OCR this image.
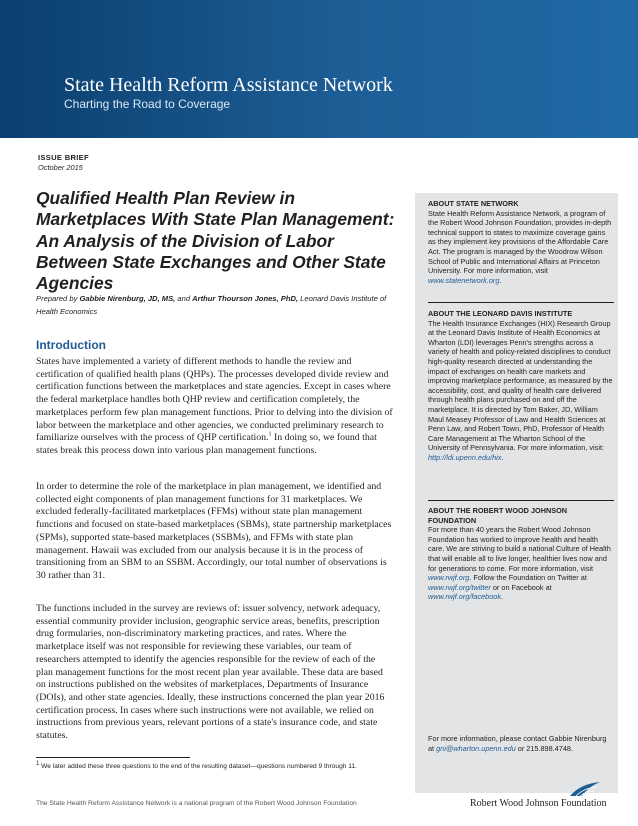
State Health Reform Assistance Network
Charting the Road to Coverage
ISSUE BRIEF
October 2015
Qualified Health Plan Review in Marketplaces With State Plan Management: An Analysis of the Division of Labor Between State Exchanges and Other State Agencies
Prepared by Gabbie Nirenburg, JD, MS, and Arthur Thourson Jones, PhD, Leonard Davis Institute of Health Economics
Introduction
States have implemented a variety of different methods to handle the review and certification of qualified health plans (QHPs). The processes developed divide review and certification functions between the marketplaces and state agencies. Except in cases where the federal marketplace handles both QHP review and certification completely, the marketplaces perform few plan management functions. Prior to delving into the division of labor between the marketplace and other agencies, we conducted preliminary research to familiarize ourselves with the process of QHP certification.$^1$ In doing so, we found that states break this process down into various plan management functions.
In order to determine the role of the marketplace in plan management, we identified and collected eight components of plan management functions for 31 marketplaces. We excluded federally-facilitated marketplaces (FFMs) without state plan management functions and focused on state-based marketplaces (SBMs), state partnership marketplaces (SPMs), supported state-based marketplaces (SSBMs), and FFMs with state plan management. Hawaii was excluded from our analysis because it is in the process of transitioning from an SBM to an SSBM. Accordingly, our total number of observations is 30 rather than 31.
The functions included in the survey are reviews of: issuer solvency, network adequacy, essential community provider inclusion, geographic service areas, benefits, prescription drug formularies, non-discriminatory marketing practices, and rates. Where the marketplace itself was not responsible for reviewing these variables, our team of researchers attempted to identify the agencies responsible for the review of each of the plan management functions for the most recent plan year available. These data are based on instructions published on the websites of marketplaces, Departments of Insurance (DOIs), and other state agencies. Ideally, these instructions concerned the plan year 2016 certification process. In cases where such instructions were not available, we relied on instructions from previous years, relevant portions of a state's insurance code, and state statutes.
$^1$ We later added these three questions to the end of the resulting dataset—questions numbered 9 through 11.
ABOUT STATE NETWORK
State Health Reform Assistance Network, a program of the Robert Wood Johnson Foundation, provides in-depth technical support to states to maximize coverage gains as they implement key provisions of the Affordable Care Act. The program is managed by the Woodrow Wilson School of Public and International Affairs at Princeton University. For more information, visit www.statenetwork.org.
ABOUT THE LEONARD DAVIS INSTITUTE
The Health Insurance Exchanges (HIX) Research Group at the Leonard Davis Institute of Health Economics at Wharton (LDI) leverages Penn's strengths across a variety of health and policy-related disciplines to conduct high-quality research directed at understanding the impact of exchanges on health care markets and improving marketplace performance, as measured by the accessibility, cost, and quality of health care delivered through health plans purchased on and off the marketplace. It is directed by Tom Baker, JD, William Maul Measey Professor of Law and Health Sciences at Penn Law, and Robert Town, PhD, Professor of Health Care Management at The Wharton School of the University of Pennsylvania. For more information, visit: http://ldi.upenn.edu/hix.
ABOUT THE ROBERT WOOD JOHNSON FOUNDATION
For more than 40 years the Robert Wood Johnson Foundation has worked to improve health and health care. We are striving to build a national Culture of Health that will enable all to live longer, healthier lives now and for generations to come. For more information, visit www.rwjf.org. Follow the Foundation on Twitter at www.rwjf.org/twitter or on Facebook at www.rwjf.org/facebook.
For more information, please contact Gabbie Nirenburg at gni@wharton.upenn.edu or 215.898.4748.
The State Health Reform Assistance Network is a national program of the Robert Wood Johnson Foundation	Robert Wood Johnson Foundation
